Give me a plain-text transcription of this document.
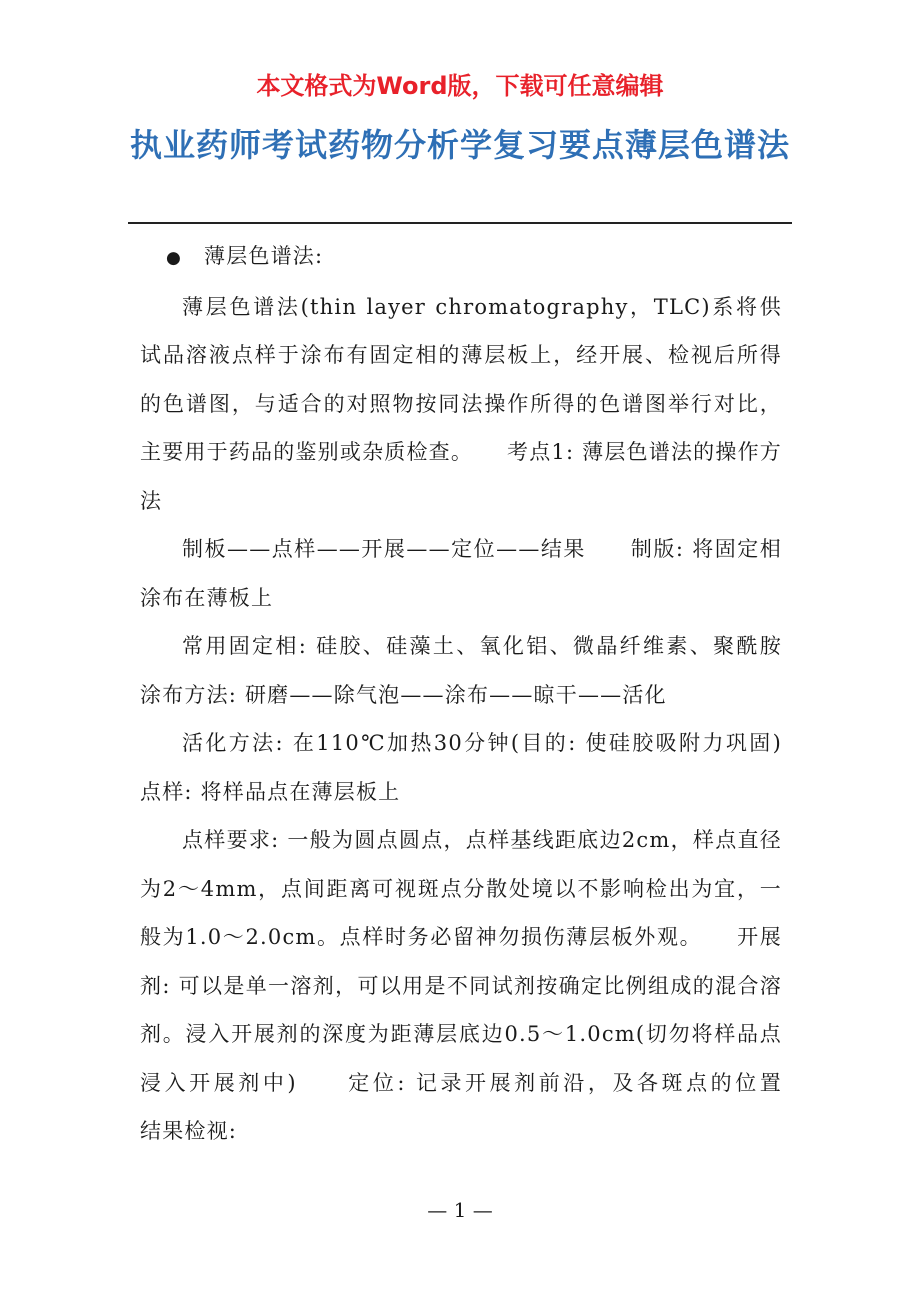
本文格式为Word版，下载可任意编辑
执业药师考试药物分析学复习要点薄层色谱法

● 薄层色谱法:

薄层色谱法(thin layer chromatography，TLC)系将供试品溶液点样于涂布有固定相的薄层板上，经开展、检视后所得的色谱图，与适合的对照物按同法操作所得的色谱图举行对比，主要用于药品的鉴别或杂质检查。　　考点1: 薄层色谱法的操作方法

制板——点样——开展——定位——结果　　制版: 将固定相涂布在薄板上

常用固定相: 硅胶、硅藻土、氧化铝、微晶纤维素、聚酰胺　　涂布方法: 研磨——除气泡——涂布——晾干——活化

活化方法: 在110℃加热30分钟(目的: 使硅胶吸附力巩固)　　点样: 将样品点在薄层板上

点样要求: 一般为圆点圆点，点样基线距底边2cm，样点直径为2～4mm，点间距离可视斑点分散处境以不影响检出为宜，一般为1.0～2.0cm。点样时务必留神勿损伤薄层板外观。　　开展剂: 可以是单一溶剂，可以用是不同试剂按确定比例组成的混合溶剂。浸入开展剂的深度为距薄层底边0.5～1.0cm(切勿将样品点浸入开展剂中)　　定位: 记录开展剂前沿，及各斑点的位置　　结果检视:

— 1 —
